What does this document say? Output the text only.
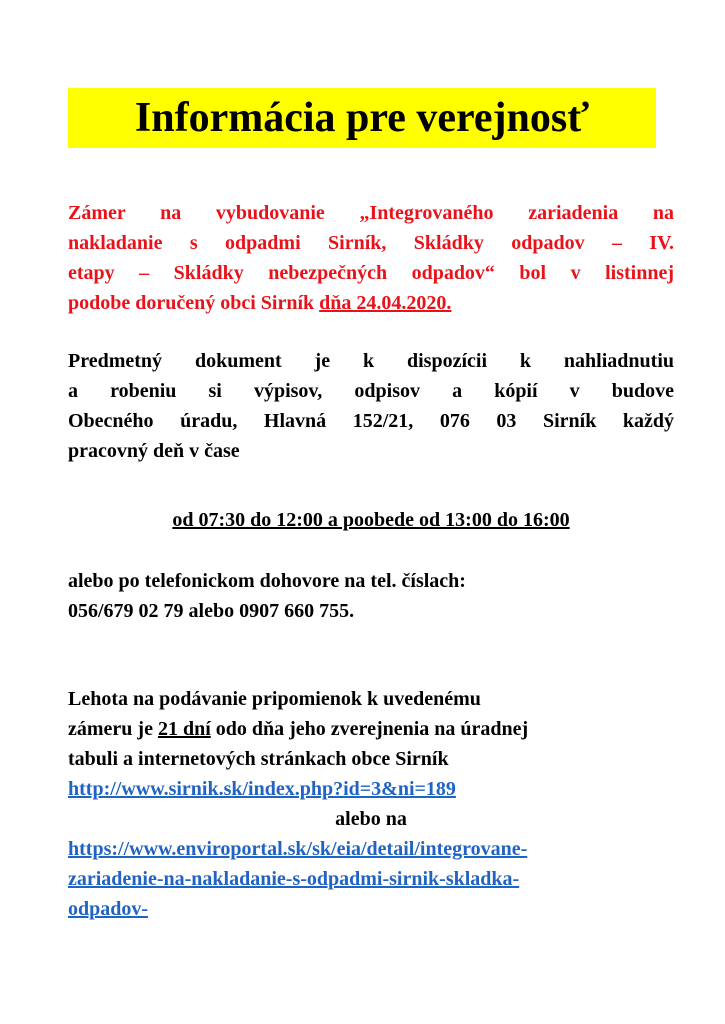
Informácia pre verejnosť
Zámer na vybudovanie „Integrovaného zariadenia na
nakladanie s odpadmi Sirník, Skládky odpadov – IV.
etapy – Skládky nebezpečných odpadov“ bol v listinnej
podobe doručený obci Sirník dňa 24.04.2020.
Predmetný dokument je k dispozícii k nahliadnutiu
a robeniu si výpisov, odpisov a kópií v budove
Obecného úradu, Hlavná 152/21, 076 03 Sirník každý
pracovný deň v čase
od 07:30 do 12:00 a poobede od 13:00 do 16:00
alebo po telefonickom dohovore na tel. číslach:
056/679 02 79 alebo 0907 660 755.
Lehota na podávanie pripomienok k uvedenému
zámeru je 21 dní odo dňa jeho zverejnenia na úradnej
tabuli a internetových stránkach obce Sirník
http://www.sirnik.sk/index.php?id=3&ni=189
alebo na
https://www.enviroportal.sk/sk/eia/detail/integrovane-
zariadenie-na-nakladanie-s-odpadmi-sirnik-skladka-
odpadov-
